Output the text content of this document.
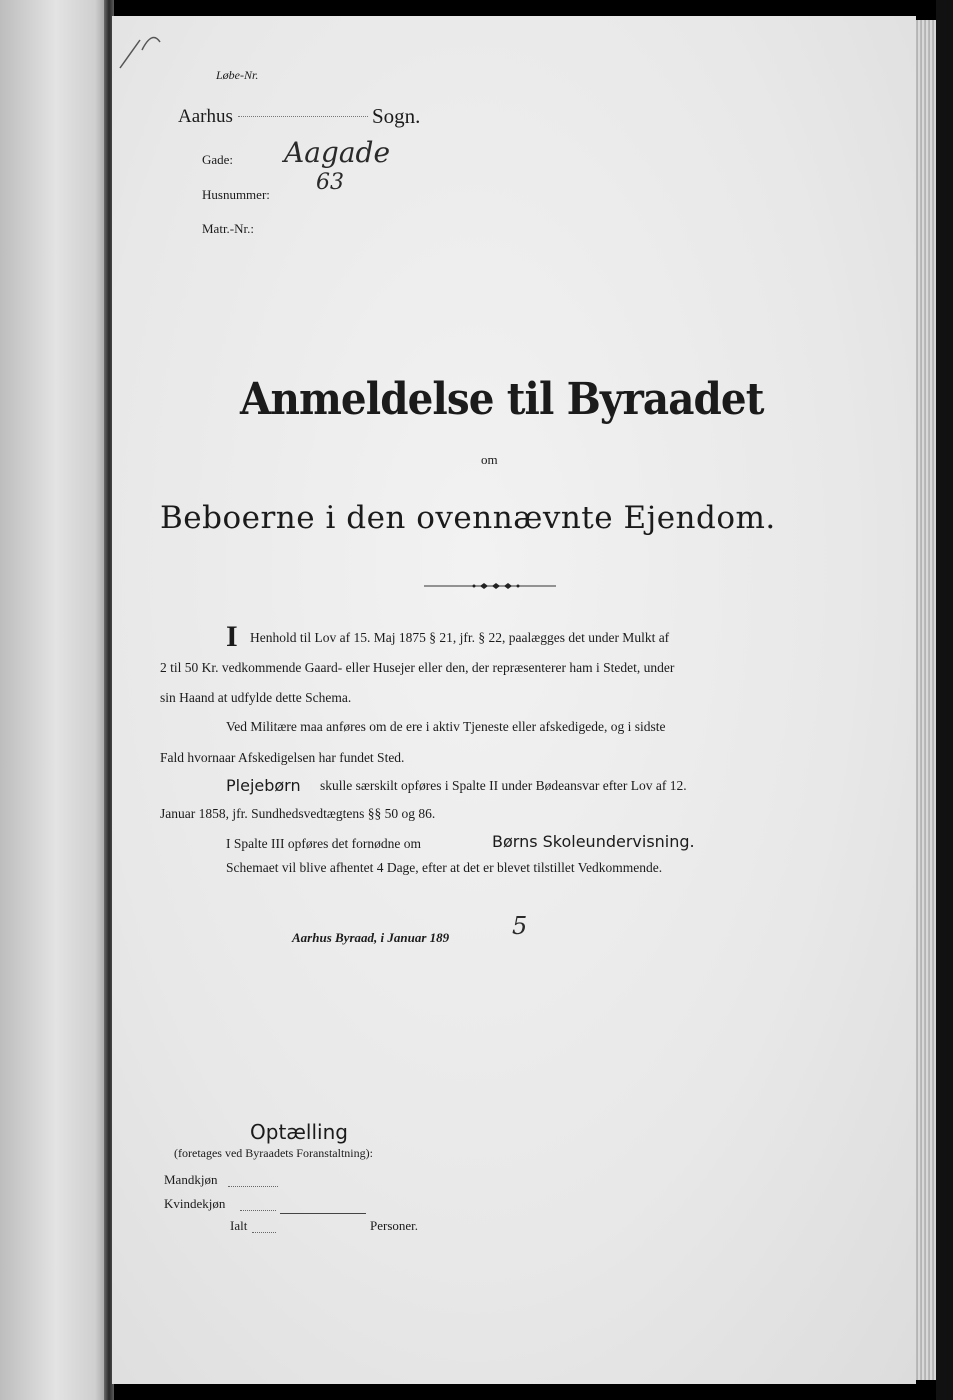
Løbe-Nr.
Aarhus	Sogn.
Gade: Aagade
Husnummer: 63
Matr.-Nr.:
Anmeldelse til Byraadet
om
Beboerne i den ovennævnte Ejendom.
I Henhold til Lov af 15. Maj 1875 § 21, jfr. § 22, paalægges det under Mulkt af
2 til 50 Kr. vedkommende Gaard- eller Husejer eller den, der repræsenterer ham i Stedet, under
sin Haand at udfylde dette Schema.
Ved Militære maa anføres om de ere i aktiv Tjeneste eller afskedigede, og i sidste
Fald hvornaar Afskedigelsen har fundet Sted.
Plejebørn skulle særskilt opføres i Spalte II under Bødeansvar efter Lov af 12.
Januar 1858, jfr. Sundhedsvedtægtens §§ 50 og 86.
I Spalte III opføres det fornødne om	Børns Skoleundervisning.
Schemaet vil blive afhentet 4 Dage, efter at det er blevet tilstillet Vedkommende.
Aarhus Byraad, i Januar 189	5
Optælling
(foretages ved Byraadets Foranstaltning):
Mandkjøn
Kvindekjøn
Ialt	Personer.
